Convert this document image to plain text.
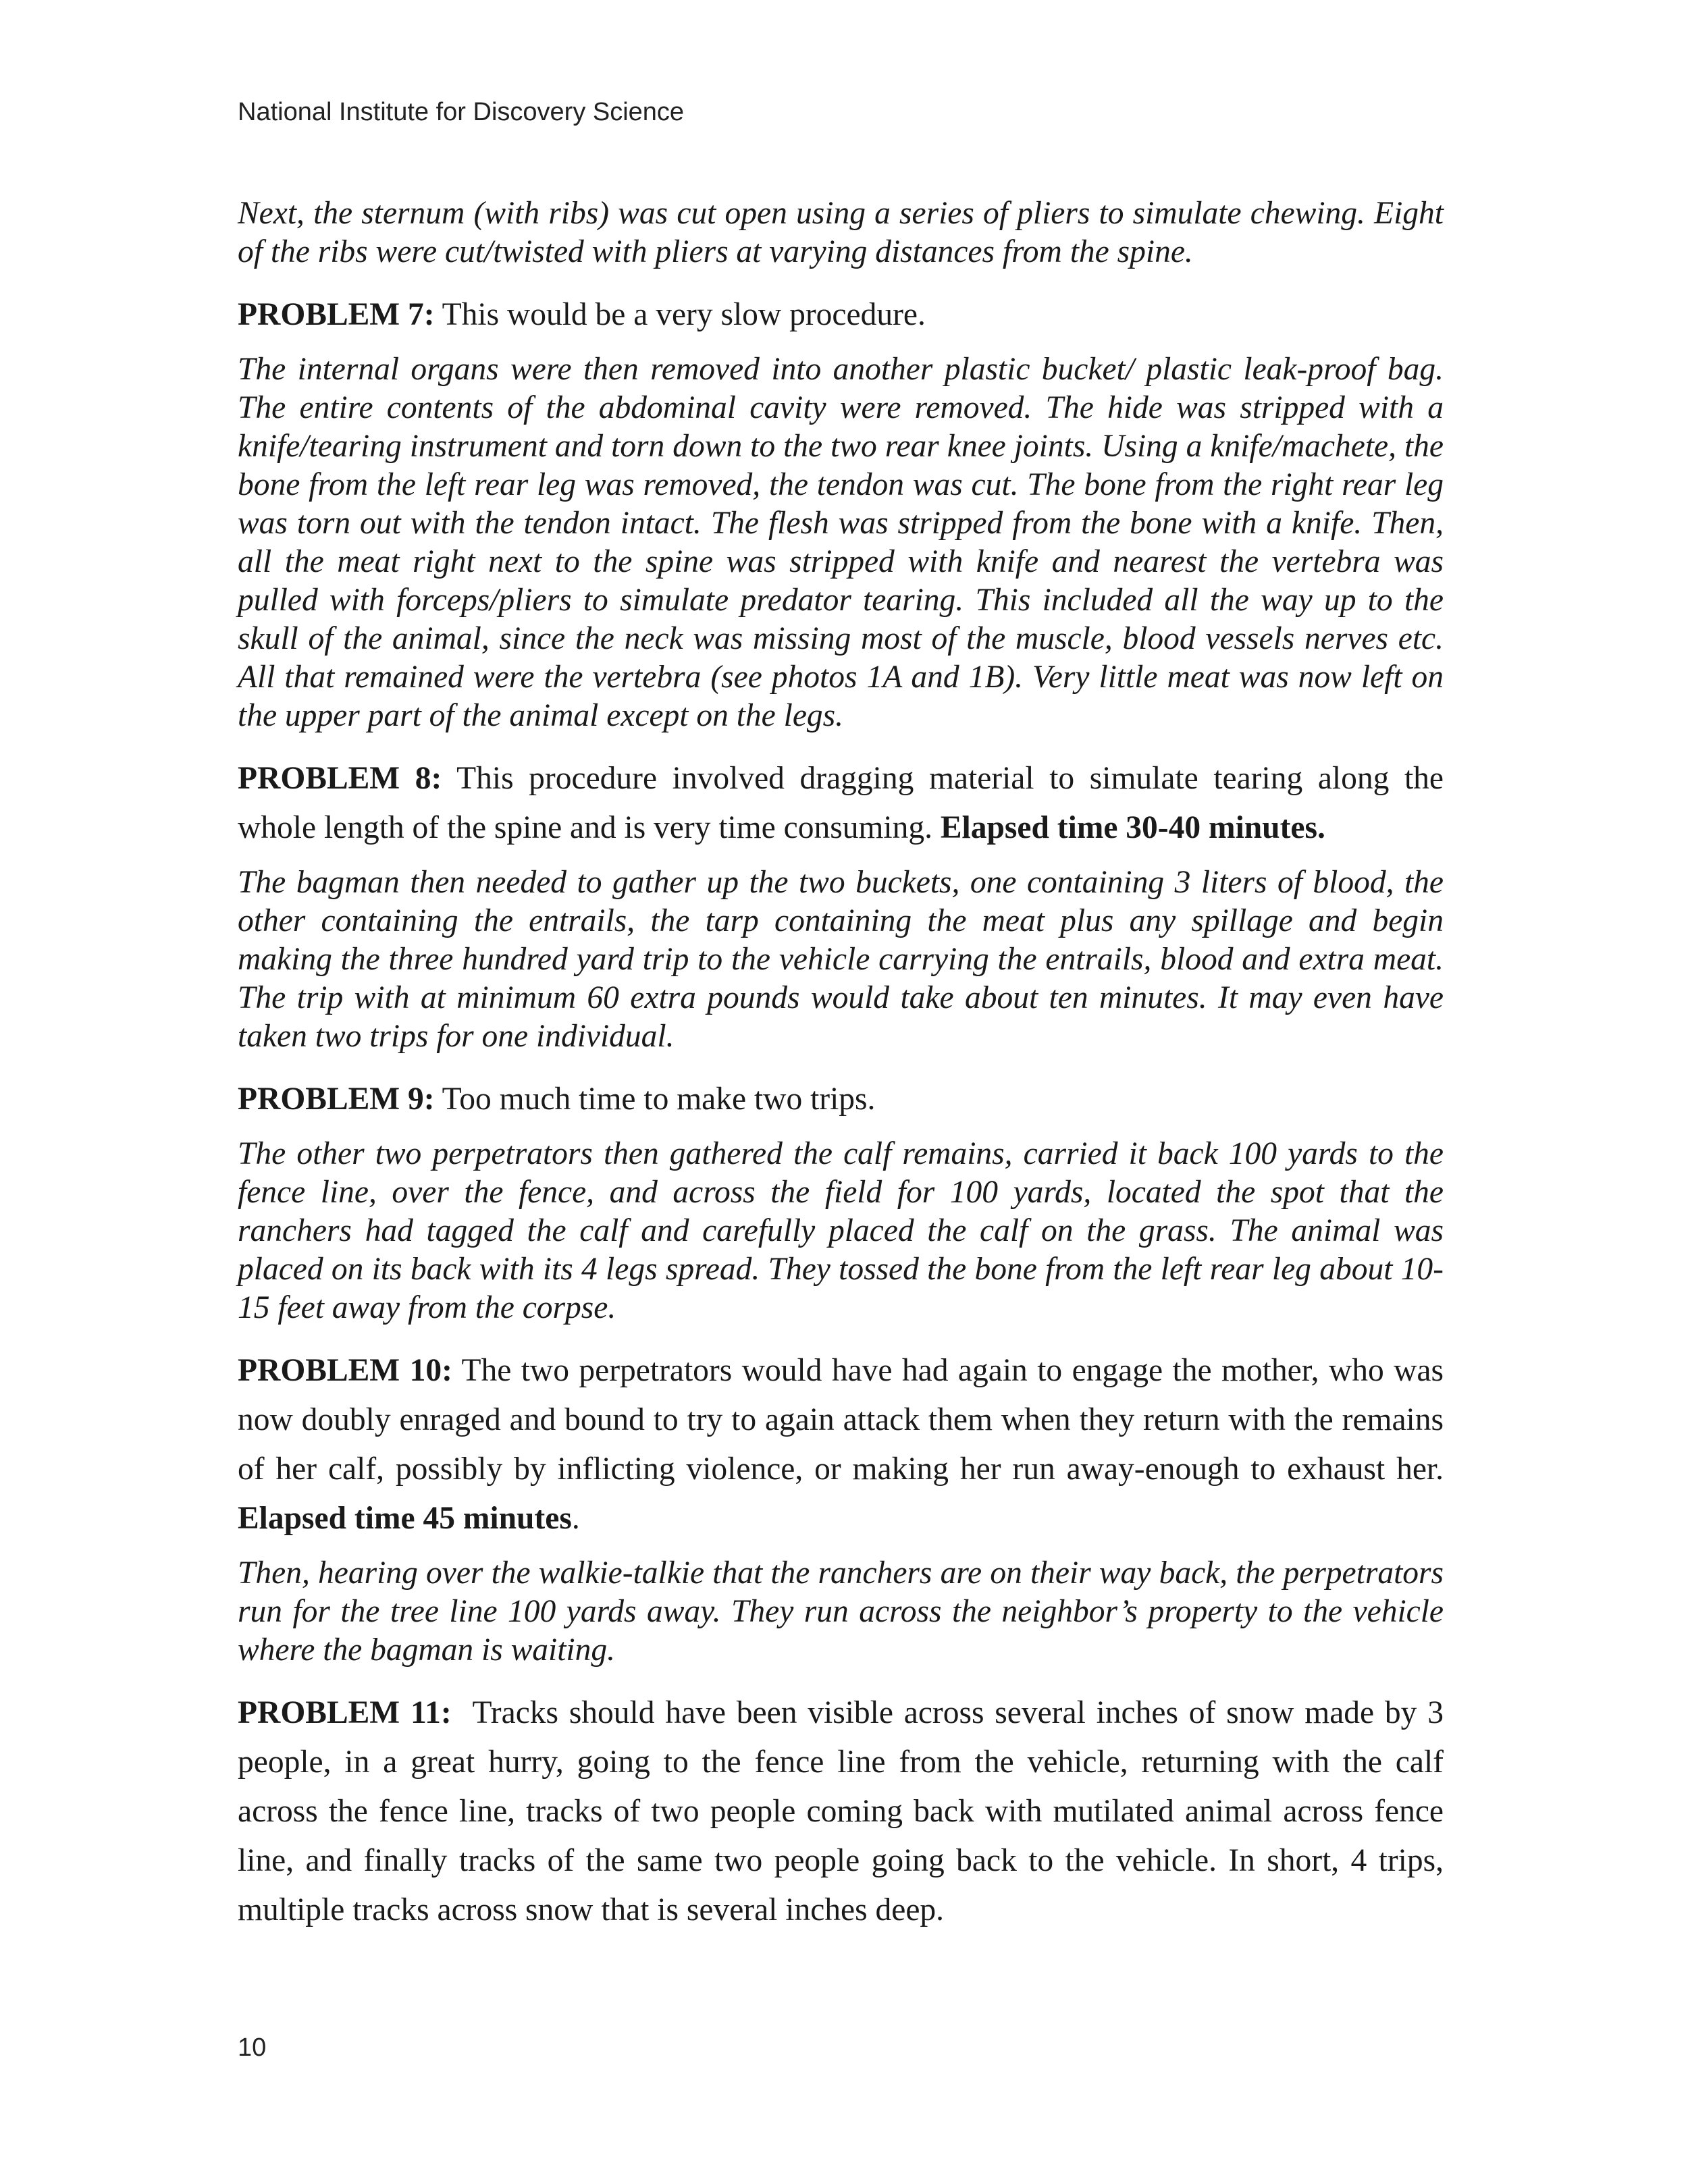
National Institute for Discovery Science

Next, the sternum (with ribs) was cut open using a series of pliers to simulate chewing. Eight of the ribs were cut/twisted with pliers at varying distances from the spine.

PROBLEM 7: This would be a very slow procedure.

The internal organs were then removed into another plastic bucket/ plastic leak-proof bag. The entire contents of the abdominal cavity were removed. The hide was stripped with a knife/tearing instrument and torn down to the two rear knee joints. Using a knife/machete, the bone from the left rear leg was removed, the tendon was cut. The bone from the right rear leg was torn out with the tendon intact. The flesh was stripped from the bone with a knife. Then, all the meat right next to the spine was stripped with knife and nearest the vertebra was pulled with forceps/pliers to simulate predator tearing. This included all the way up to the skull of the animal, since the neck was missing most of the muscle, blood vessels nerves etc. All that remained were the vertebra (see photos 1A and 1B). Very little meat was now left on the upper part of the animal except on the legs.

PROBLEM 8: This procedure involved dragging material to simulate tearing along the whole length of the spine and is very time consuming. Elapsed time 30-40 minutes.

The bagman then needed to gather up the two buckets, one containing 3 liters of blood, the other containing the entrails, the tarp containing the meat plus any spillage and begin making the three hundred yard trip to the vehicle carrying the entrails, blood and extra meat. The trip with at minimum 60 extra pounds would take about ten minutes. It may even have taken two trips for one individual.

PROBLEM 9: Too much time to make two trips.

The other two perpetrators then gathered the calf remains, carried it back 100 yards to the fence line, over the fence, and across the field for 100 yards, located the spot that the ranchers had tagged the calf and carefully placed the calf on the grass. The animal was placed on its back with its 4 legs spread. They tossed the bone from the left rear leg about 10-15 feet away from the corpse.

PROBLEM 10: The two perpetrators would have had again to engage the mother, who was now doubly enraged and bound to try to again attack them when they return with the remains of her calf, possibly by inflicting violence, or making her run away-enough to exhaust her. Elapsed time 45 minutes.

Then, hearing over the walkie-talkie that the ranchers are on their way back, the perpetrators run for the tree line 100 yards away. They run across the neighbor’s property to the vehicle where the bagman is waiting.

PROBLEM 11:  Tracks should have been visible across several inches of snow made by 3 people, in a great hurry, going to the fence line from the vehicle, returning with the calf across the fence line, tracks of two people coming back with mutilated animal across fence line, and finally tracks of the same two people going back to the vehicle. In short, 4 trips, multiple tracks across snow that is several inches deep.

10
